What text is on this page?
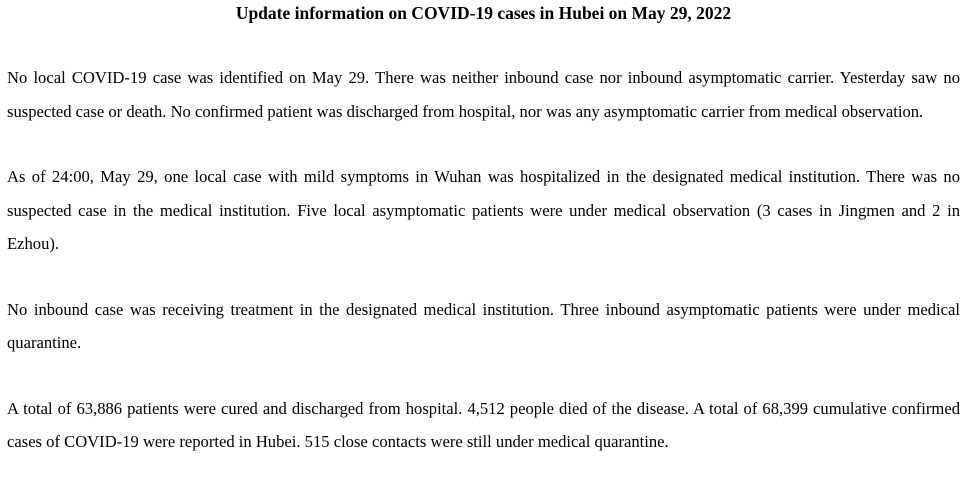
Update information on COVID-19 cases in Hubei on May 29, 2022

No local COVID-19 case was identified on May 29. There was neither inbound case nor inbound asymptomatic carrier. Yesterday saw no suspected case or death. No confirmed patient was discharged from hospital, nor was any asymptomatic carrier from medical observation.

As of 24:00, May 29, one local case with mild symptoms in Wuhan was hospitalized in the designated medical institution. There was no suspected case in the medical institution. Five local asymptomatic patients were under medical observation (3 cases in Jingmen and 2 in Ezhou).

No inbound case was receiving treatment in the designated medical institution. Three inbound asymptomatic patients were under medical quarantine.

A total of 63,886 patients were cured and discharged from hospital. 4,512 people died of the disease. A total of 68,399 cumulative confirmed cases of COVID-19 were reported in Hubei. 515 close contacts were still under medical quarantine.
